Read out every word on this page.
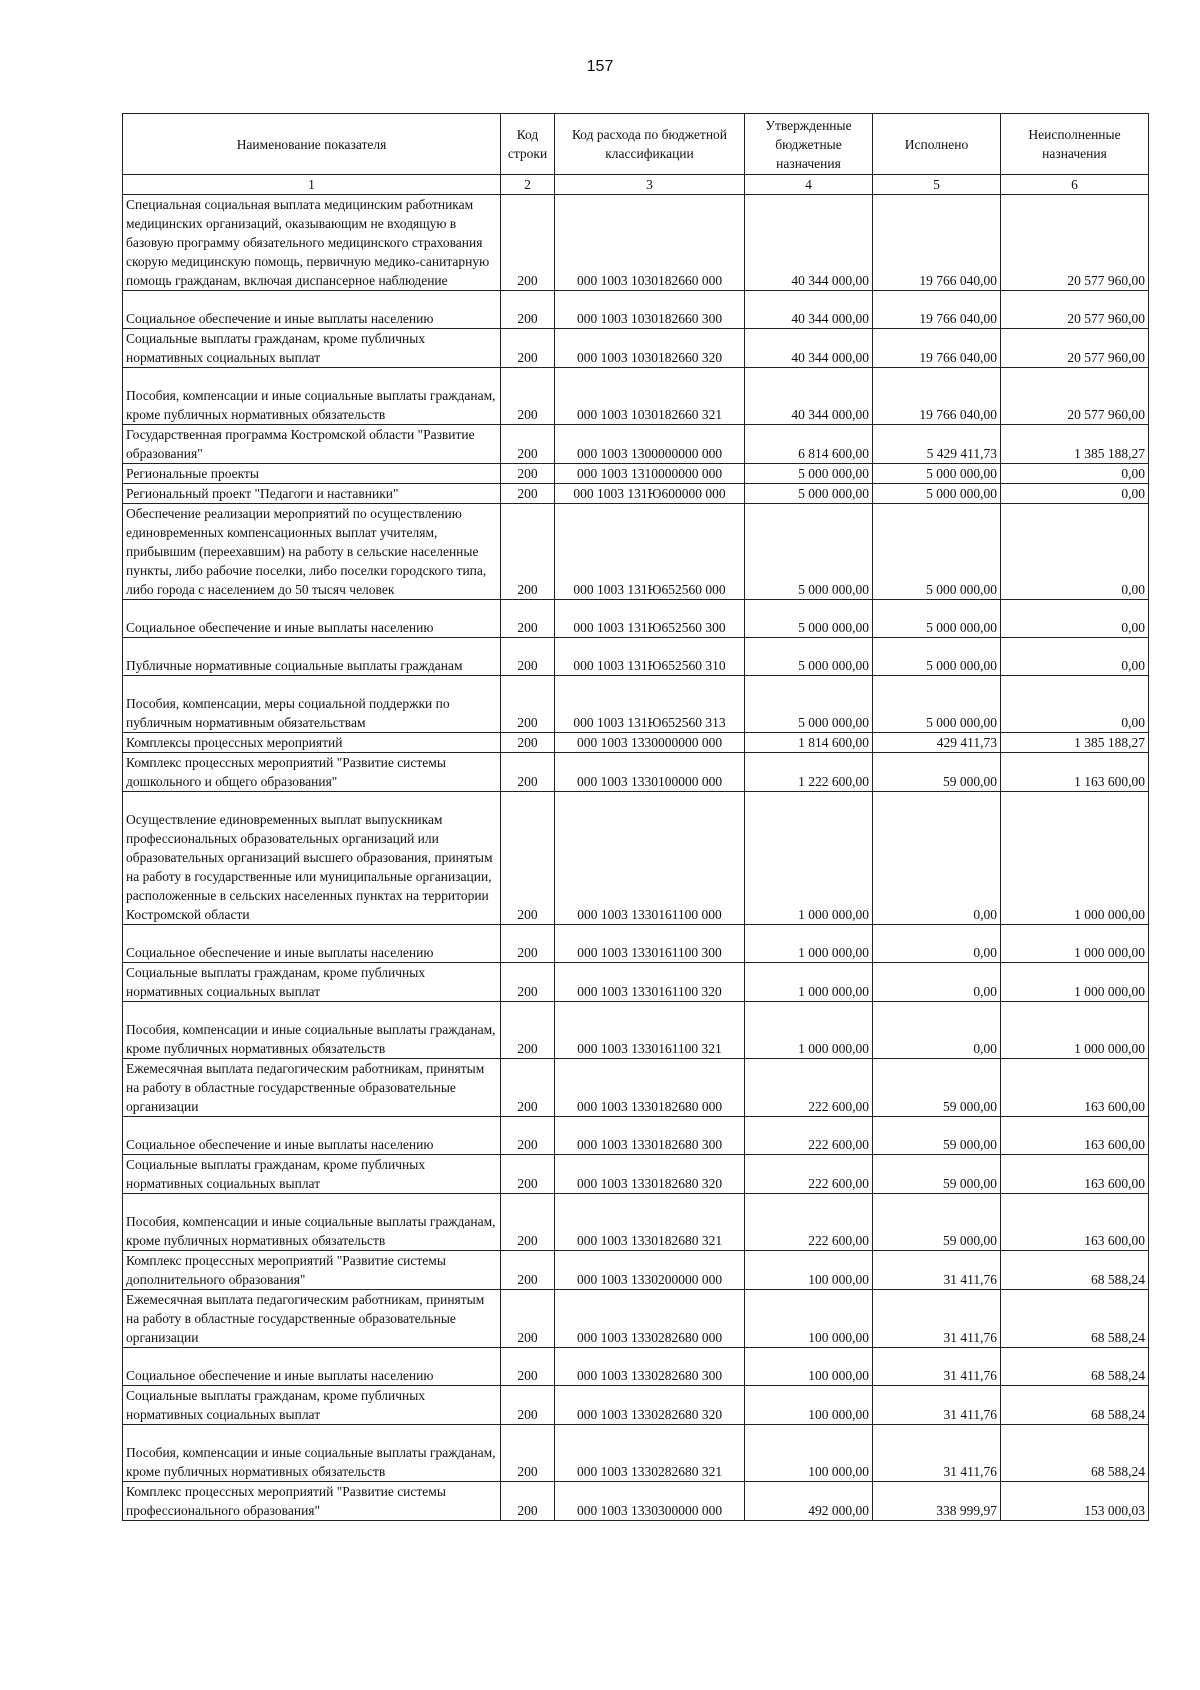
157
Наименование показателя	Код строки	Код расхода по бюджетной классификации	Утвержденные бюджетные назначения	Исполнено	Неисполненные назначения
1	2	3	4	5	6
Специальная социальная выплата медицинским работникам медицинских организаций, оказывающим не входящую в базовую программу обязательного медицинского страхования скорую медицинскую помощь, первичную медико-санитарную помощь гражданам, включая диспансерное наблюдение	200	000 1003 1030182660 000	40 344 000,00	19 766 040,00	20 577 960,00
Социальное обеспечение и иные выплаты населению	200	000 1003 1030182660 300	40 344 000,00	19 766 040,00	20 577 960,00
Социальные выплаты гражданам, кроме публичных нормативных социальных выплат	200	000 1003 1030182660 320	40 344 000,00	19 766 040,00	20 577 960,00
Пособия, компенсации и иные социальные выплаты гражданам, кроме публичных нормативных обязательств	200	000 1003 1030182660 321	40 344 000,00	19 766 040,00	20 577 960,00
Государственная программа Костромской области "Развитие образования"	200	000 1003 1300000000 000	6 814 600,00	5 429 411,73	1 385 188,27
Региональные проекты	200	000 1003 1310000000 000	5 000 000,00	5 000 000,00	0,00
Региональный проект "Педагоги и наставники"	200	000 1003 131Ю600000 000	5 000 000,00	5 000 000,00	0,00
Обеспечение реализации мероприятий по осуществлению единовременных компенсационных выплат учителям, прибывшим (переехавшим) на работу в сельские населенные пункты, либо рабочие поселки, либо поселки городского типа, либо города с населением до 50 тысяч человек	200	000 1003 131Ю652560 000	5 000 000,00	5 000 000,00	0,00
Социальное обеспечение и иные выплаты населению	200	000 1003 131Ю652560 300	5 000 000,00	5 000 000,00	0,00
Публичные нормативные социальные выплаты гражданам	200	000 1003 131Ю652560 310	5 000 000,00	5 000 000,00	0,00
Пособия, компенсации, меры социальной поддержки по публичным нормативным обязательствам	200	000 1003 131Ю652560 313	5 000 000,00	5 000 000,00	0,00
Комплексы процессных мероприятий	200	000 1003 1330000000 000	1 814 600,00	429 411,73	1 385 188,27
Комплекс процессных мероприятий "Развитие системы дошкольного и общего образования"	200	000 1003 1330100000 000	1 222 600,00	59 000,00	1 163 600,00
Осуществление единовременных выплат выпускникам профессиональных образовательных организаций или образовательных организаций высшего образования, принятым на работу в государственные или муниципальные организации, расположенные в сельских населенных пунктах на территории Костромской области	200	000 1003 1330161100 000	1 000 000,00	0,00	1 000 000,00
Социальное обеспечение и иные выплаты населению	200	000 1003 1330161100 300	1 000 000,00	0,00	1 000 000,00
Социальные выплаты гражданам, кроме публичных нормативных социальных выплат	200	000 1003 1330161100 320	1 000 000,00	0,00	1 000 000,00
Пособия, компенсации и иные социальные выплаты гражданам, кроме публичных нормативных обязательств	200	000 1003 1330161100 321	1 000 000,00	0,00	1 000 000,00
Ежемесячная выплата педагогическим работникам, принятым на работу в областные государственные образовательные организации	200	000 1003 1330182680 000	222 600,00	59 000,00	163 600,00
Социальное обеспечение и иные выплаты населению	200	000 1003 1330182680 300	222 600,00	59 000,00	163 600,00
Социальные выплаты гражданам, кроме публичных нормативных социальных выплат	200	000 1003 1330182680 320	222 600,00	59 000,00	163 600,00
Пособия, компенсации и иные социальные выплаты гражданам, кроме публичных нормативных обязательств	200	000 1003 1330182680 321	222 600,00	59 000,00	163 600,00
Комплекс процессных мероприятий "Развитие системы дополнительного образования"	200	000 1003 1330200000 000	100 000,00	31 411,76	68 588,24
Ежемесячная выплата педагогическим работникам, принятым на работу в областные государственные образовательные организации	200	000 1003 1330282680 000	100 000,00	31 411,76	68 588,24
Социальное обеспечение и иные выплаты населению	200	000 1003 1330282680 300	100 000,00	31 411,76	68 588,24
Социальные выплаты гражданам, кроме публичных нормативных социальных выплат	200	000 1003 1330282680 320	100 000,00	31 411,76	68 588,24
Пособия, компенсации и иные социальные выплаты гражданам, кроме публичных нормативных обязательств	200	000 1003 1330282680 321	100 000,00	31 411,76	68 588,24
Комплекс процессных мероприятий "Развитие системы профессионального образования"	200	000 1003 1330300000 000	492 000,00	338 999,97	153 000,03
